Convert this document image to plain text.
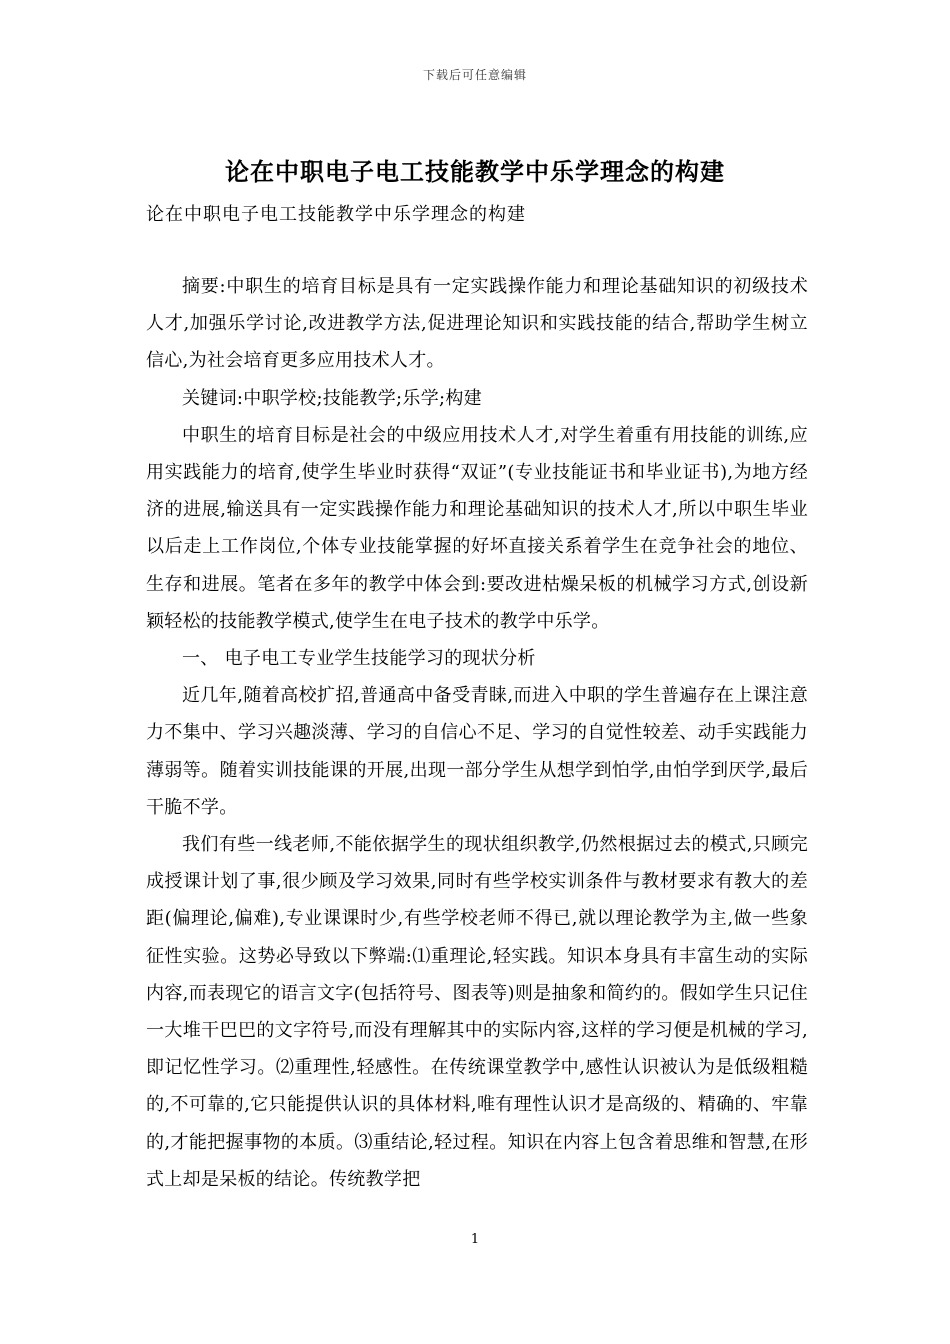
下载后可任意编辑
论在中职电子电工技能教学中乐学理念的构建
论在中职电子电工技能教学中乐学理念的构建

摘要:中职生的培育目标是具有一定实践操作能力和理论基础知识的初级技术人才,加强乐学讨论,改进教学方法,促进理论知识和实践技能的结合,帮助学生树立信心,为社会培育更多应用技术人才。

关键词:中职学校;技能教学;乐学;构建

中职生的培育目标是社会的中级应用技术人才,对学生着重有用技能的训练,应用实践能力的培育,使学生毕业时获得“双证”(专业技能证书和毕业证书),为地方经济的进展,输送具有一定实践操作能力和理论基础知识的技术人才,所以中职生毕业以后走上工作岗位,个体专业技能掌握的好坏直接关系着学生在竞争社会的地位、生存和进展。笔者在多年的教学中体会到:要改进枯燥呆板的机械学习方式,创设新颖轻松的技能教学模式,使学生在电子技术的教学中乐学。

一、 电子电工专业学生技能学习的现状分析

近几年,随着高校扩招,普通高中备受青睐,而进入中职的学生普遍存在上课注意力不集中、学习兴趣淡薄、学习的自信心不足、学习的自觉性较差、动手实践能力薄弱等。随着实训技能课的开展,出现一部分学生从想学到怕学,由怕学到厌学,最后干脆不学。

我们有些一线老师,不能依据学生的现状组织教学,仍然根据过去的模式,只顾完成授课计划了事,很少顾及学习效果,同时有些学校实训条件与教材要求有教大的差距(偏理论,偏难),专业课课时少,有些学校老师不得已,就以理论教学为主,做一些象征性实验。这势必导致以下弊端:⑴重理论,轻实践。知识本身具有丰富生动的实际内容,而表现它的语言文字(包括符号、图表等)则是抽象和简约的。假如学生只记住一大堆干巴巴的文字符号,而没有理解其中的实际内容,这样的学习便是机械的学习,即记忆性学习。⑵重理性,轻感性。在传统课堂教学中,感性认识被认为是低级粗糙的,不可靠的,它只能提供认识的具体材料,唯有理性认识才是高级的、精确的、牢靠的,才能把握事物的本质。⑶重结论,轻过程。知识在内容上包含着思维和智慧,在形式上却是呆板的结论。传统教学把

1
